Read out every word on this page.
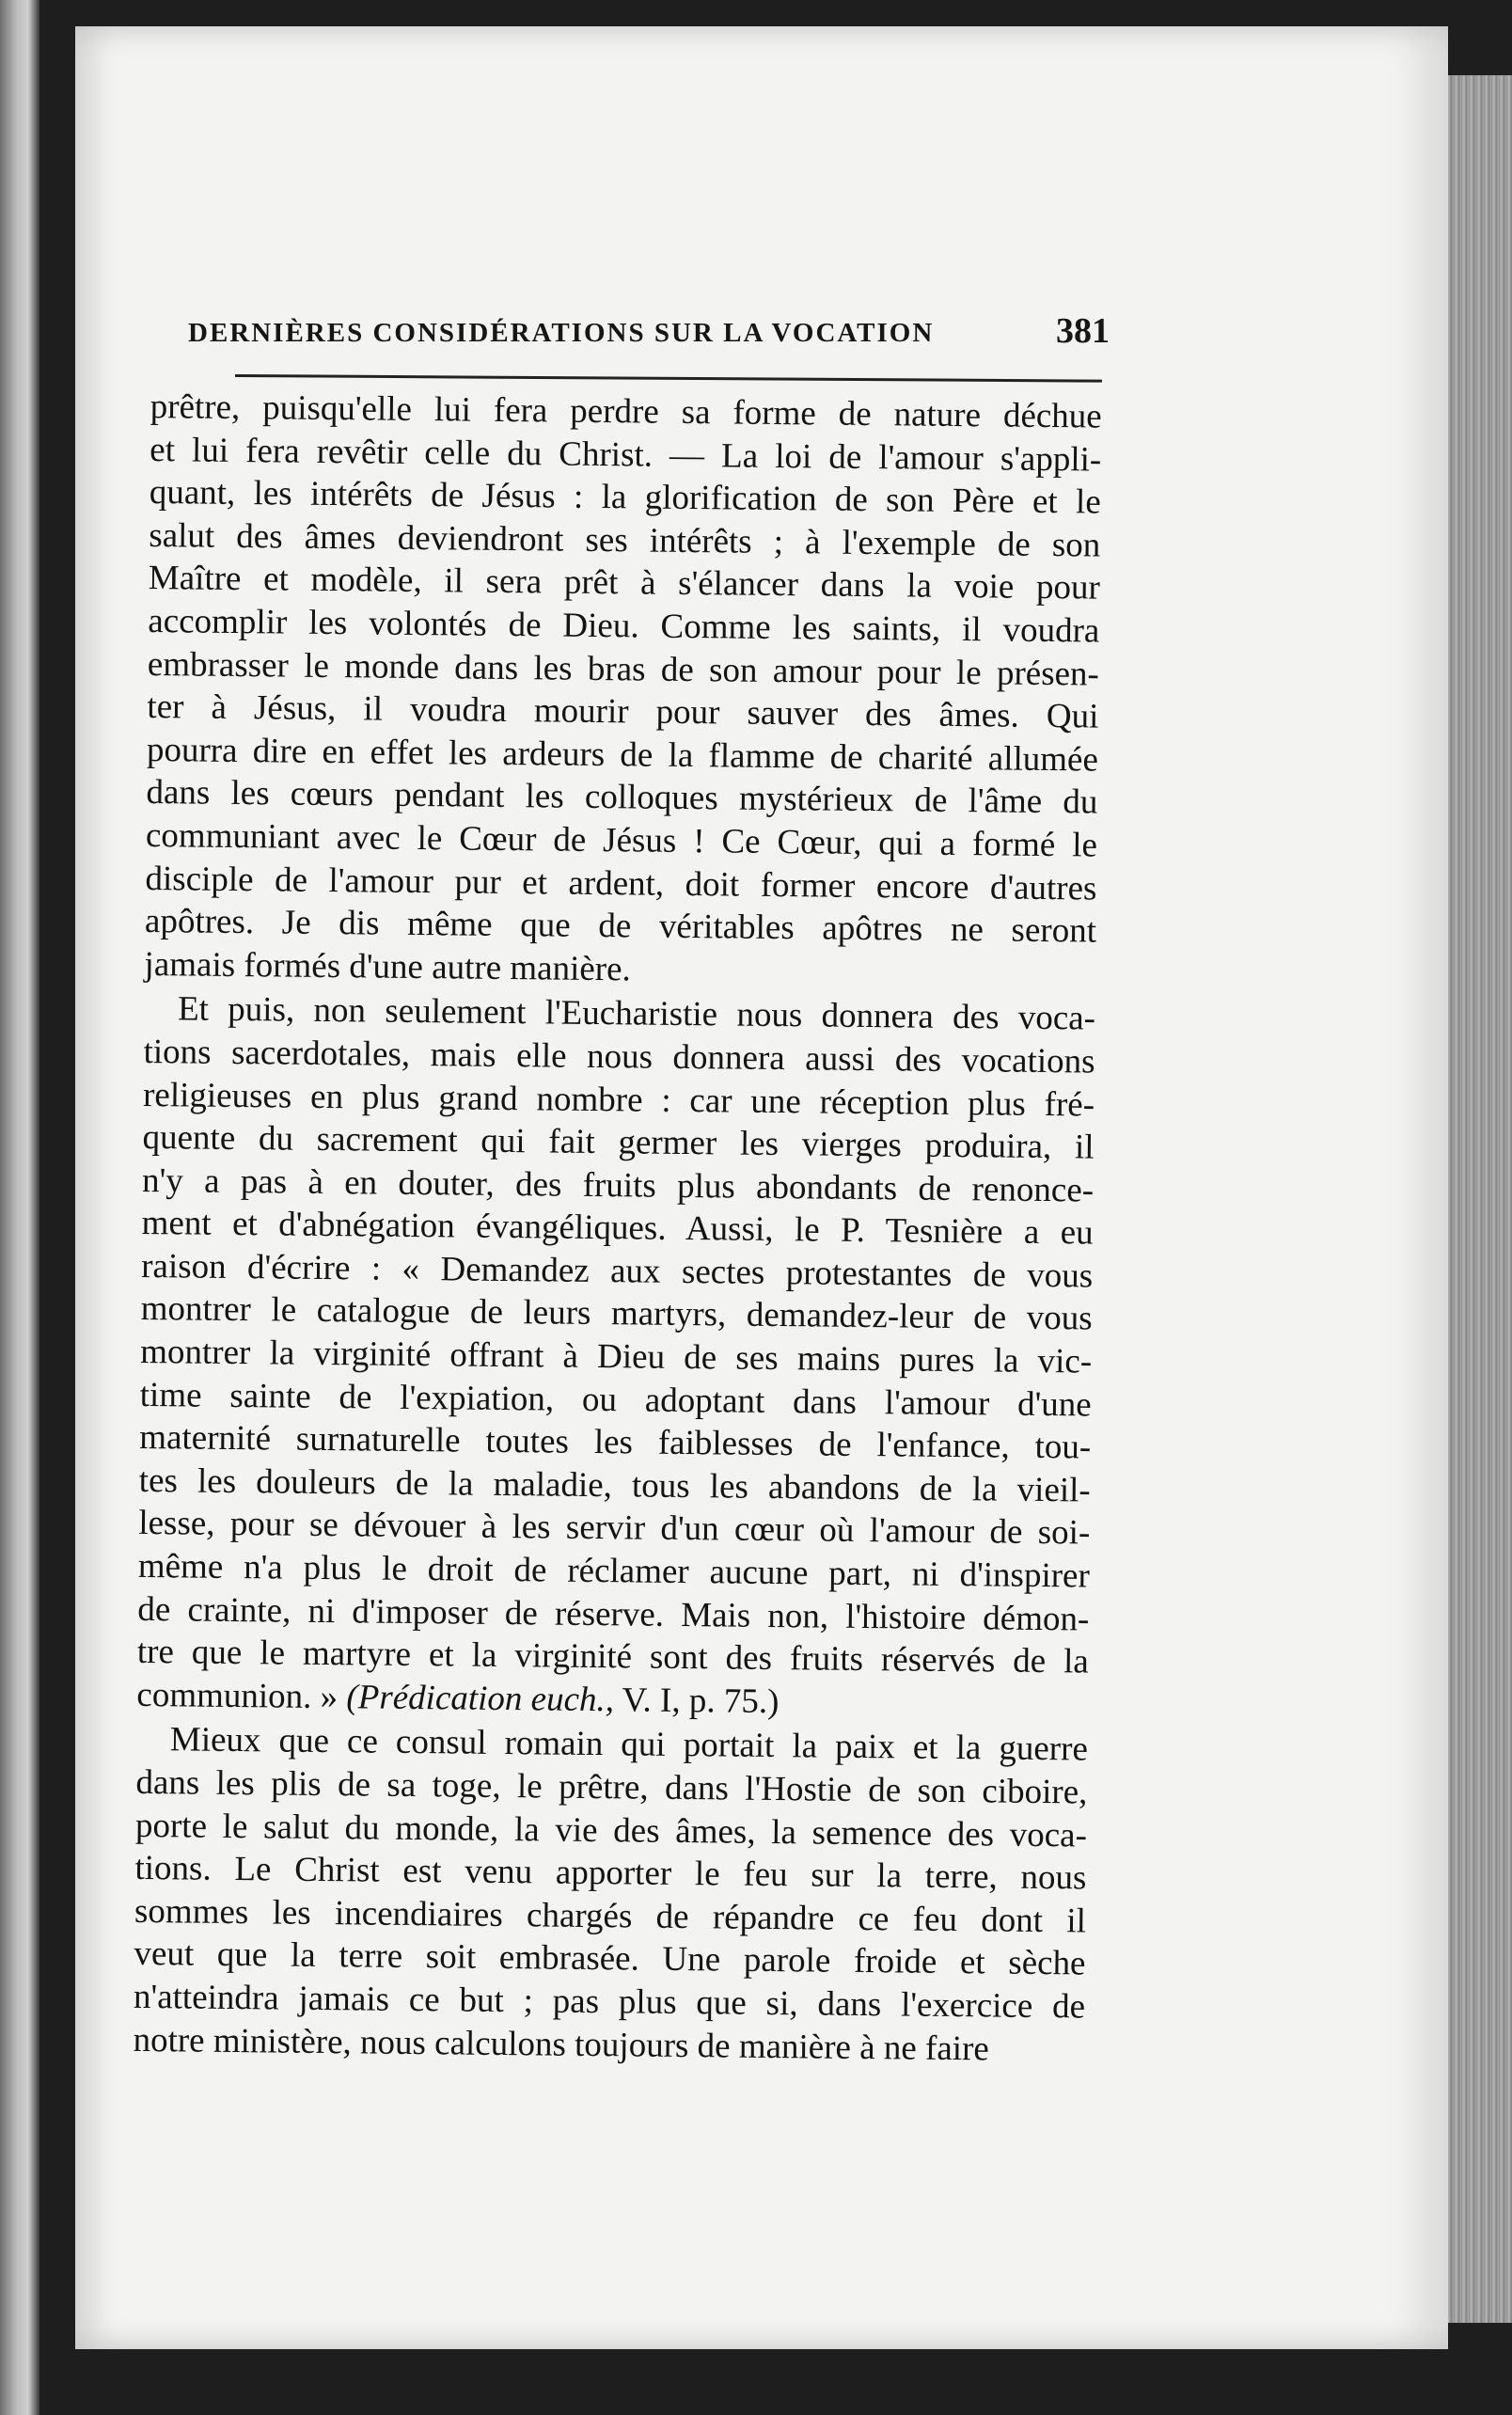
DERNIÈRES CONSIDÉRATIONS SUR LA VOCATION	381
prêtre, puisqu'elle lui fera perdre sa forme de nature déchue
et lui fera revêtir celle du Christ. — La loi de l'amour s'appli-
quant, les intérêts de Jésus : la glorification de son Père et le
salut des âmes deviendront ses intérêts ; à l'exemple de son
Maître et modèle, il sera prêt à s'élancer dans la voie pour
accomplir les volontés de Dieu. Comme les saints, il voudra
embrasser le monde dans les bras de son amour pour le présen-
ter à Jésus, il voudra mourir pour sauver des âmes. Qui
pourra dire en effet les ardeurs de la flamme de charité allumée
dans les cœurs pendant les colloques mystérieux de l'âme du
communiant avec le Cœur de Jésus ! Ce Cœur, qui a formé le
disciple de l'amour pur et ardent, doit former encore d'autres
apôtres. Je dis même que de véritables apôtres ne seront
jamais formés d'une autre manière.
Et puis, non seulement l'Eucharistie nous donnera des voca-
tions sacerdotales, mais elle nous donnera aussi des vocations
religieuses en plus grand nombre : car une réception plus fré-
quente du sacrement qui fait germer les vierges produira, il
n'y a pas à en douter, des fruits plus abondants de renonce-
ment et d'abnégation évangéliques. Aussi, le P. Tesnière a eu
raison d'écrire : « Demandez aux sectes protestantes de vous
montrer le catalogue de leurs martyrs, demandez-leur de vous
montrer la virginité offrant à Dieu de ses mains pures la vic-
time sainte de l'expiation, ou adoptant dans l'amour d'une
maternité surnaturelle toutes les faiblesses de l'enfance, tou-
tes les douleurs de la maladie, tous les abandons de la vieil-
lesse, pour se dévouer à les servir d'un cœur où l'amour de soi-
même n'a plus le droit de réclamer aucune part, ni d'inspirer
de crainte, ni d'imposer de réserve. Mais non, l'histoire démon-
tre que le martyre et la virginité sont des fruits réservés de la
communion. » (Prédication euch., V. I, p. 75.)
Mieux que ce consul romain qui portait la paix et la guerre
dans les plis de sa toge, le prêtre, dans l'Hostie de son ciboire,
porte le salut du monde, la vie des âmes, la semence des voca-
tions. Le Christ est venu apporter le feu sur la terre, nous
sommes les incendiaires chargés de répandre ce feu dont il
veut que la terre soit embrasée. Une parole froide et sèche
n'atteindra jamais ce but ; pas plus que si, dans l'exercice de
notre ministère, nous calculons toujours de manière à ne faire
